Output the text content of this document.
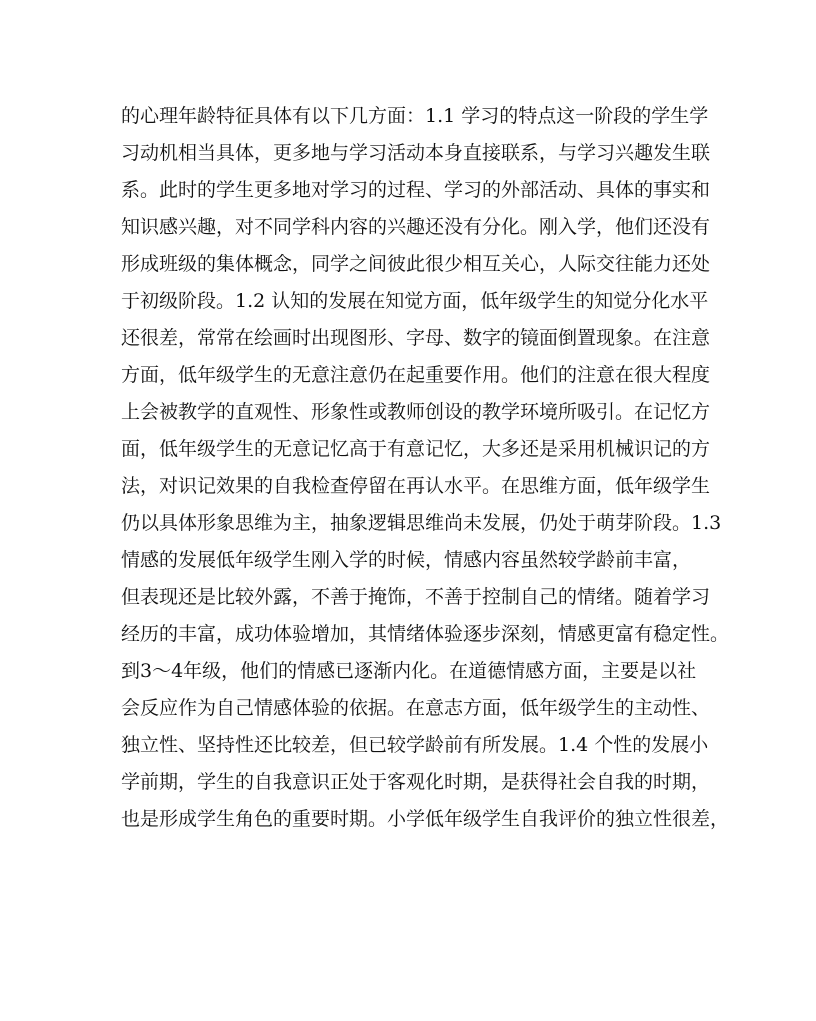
的心理年龄特征具体有以下几方面：1.1 学习的特点这一阶段的学生学
习动机相当具体，更多地与学习活动本身直接联系，与学习兴趣发生联
系。此时的学生更多地对学习的过程、学习的外部活动、具体的事实和
知识感兴趣，对不同学科内容的兴趣还没有分化。刚入学，他们还没有
形成班级的集体概念，同学之间彼此很少相互关心，人际交往能力还处
于初级阶段。1.2 认知的发展在知觉方面，低年级学生的知觉分化水平
还很差，常常在绘画时出现图形、字母、数字的镜面倒置现象。在注意
方面，低年级学生的无意注意仍在起重要作用。他们的注意在很大程度
上会被教学的直观性、形象性或教师创设的教学环境所吸引。在记忆方
面，低年级学生的无意记忆高于有意记忆，大多还是采用机械识记的方
法，对识记效果的自我检查停留在再认水平。在思维方面，低年级学生
仍以具体形象思维为主，抽象逻辑思维尚未发展，仍处于萌芽阶段。1.3
情感的发展低年级学生刚入学的时候，情感内容虽然较学龄前丰富，
但表现还是比较外露，不善于掩饰，不善于控制自己的情绪。随着学习
经历的丰富，成功体验增加，其情绪体验逐步深刻，情感更富有稳定性。
到3～4年级，他们的情感已逐渐内化。在道德情感方面，主要是以社
会反应作为自己情感体验的依据。在意志方面，低年级学生的主动性、
独立性、坚持性还比较差，但已较学龄前有所发展。1.4 个性的发展小
学前期，学生的自我意识正处于客观化时期，是获得社会自我的时期，
也是形成学生角色的重要时期。小学低年级学生自我评价的独立性很差，
